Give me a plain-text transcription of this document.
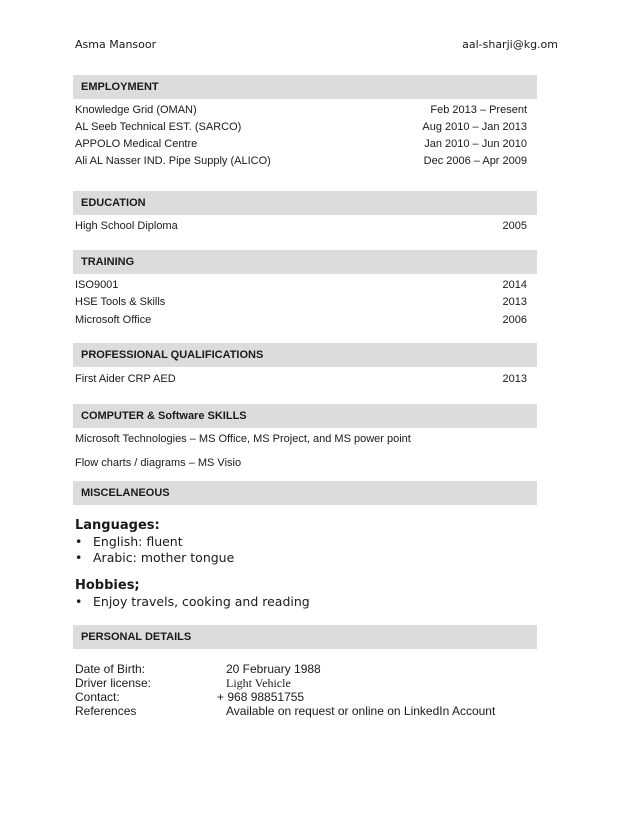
Asma Mansoor	aal-sharji@kg.om
EMPLOYMENT
Knowledge Grid (OMAN)	Feb 2013 – Present
AL Seeb Technical EST. (SARCO)	Aug 2010 – Jan 2013
APPOLO Medical Centre	Jan 2010 – Jun 2010
Ali AL Nasser IND. Pipe Supply (ALICO)	Dec 2006 – Apr 2009
EDUCATION
High School Diploma	2005
TRAINING
ISO9001	2014
HSE Tools & Skills	2013
Microsoft Office	2006
PROFESSIONAL QUALIFICATIONS
First Aider CRP AED	2013
COMPUTER & Software SKILLS
Microsoft Technologies – MS Office, MS Project, and MS power point
Flow charts / diagrams – MS Visio
MISCELANEOUS
Languages:
• English: fluent
• Arabic: mother tongue
Hobbies;
• Enjoy travels, cooking and reading
PERSONAL DETAILS
Date of Birth:	20 February 1988
Driver license:	Light Vehicle
Contact:	+ 968 98851755
References	Available on request or online on LinkedIn Account
